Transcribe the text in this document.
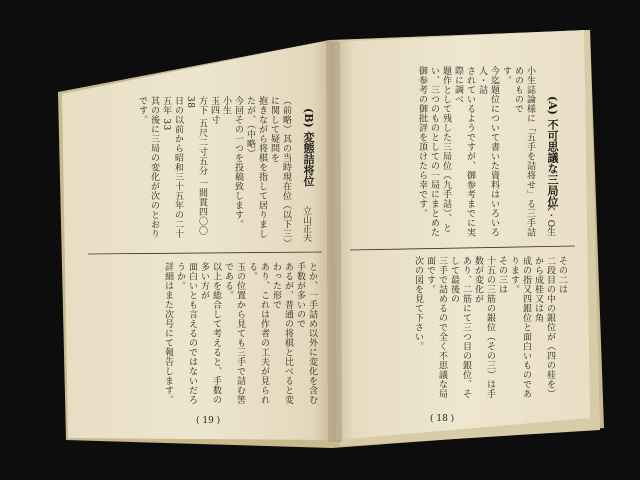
(A) 不可思議な三局位
K・O生
小生誌論様に「五手を詰将せ」る三手詰めのもので
す。
今迄題位について書いた資料はいろいろ人・詰
されているようですが、御参考までに実際に調べ
題作として残した三局位（九手詰）、と
い、三つのものとしての一局にまとめた
御参考の御批評を頂けたら幸です。
その二は
二段目の中の銀位が（四の桂を）から成桂又は角
成の指又四銀位と面白いものであります。
その三は
十五の三筋の銀位（その三）は手数が変化が
あり、二筋にて三つ目の銀位、そして最後の
三手で詰めるので全く不思議な局面です。
次の図を見て下さい。
( 18 )
(B) 変態詰将位
立山正夫
（前略）其の当時現在位（以下三）に関して疑問を
抱きながら将棋を指して居りましたが、（中略）
今回その一つを投稿致します。
小生
玉四寸
方下 五尺二寸五分 一間貫四〇〇 38
日の以前から昭和三十五年の二十五年 33
其の後に三局の変化が次のとおりです。
とか、一手詰め以外に変化を含む手数が多いので
あるが、普通の将棋と比べると変わった形で
あり、これは作者の工夫が見られる。
玉の位置から見ても三手で詰む筈である。
以上を総合して考えると、手数の多い方が
面白いとも言えるのではないだろうか。
詳細はまた次号にて報告します。
( 19 )
